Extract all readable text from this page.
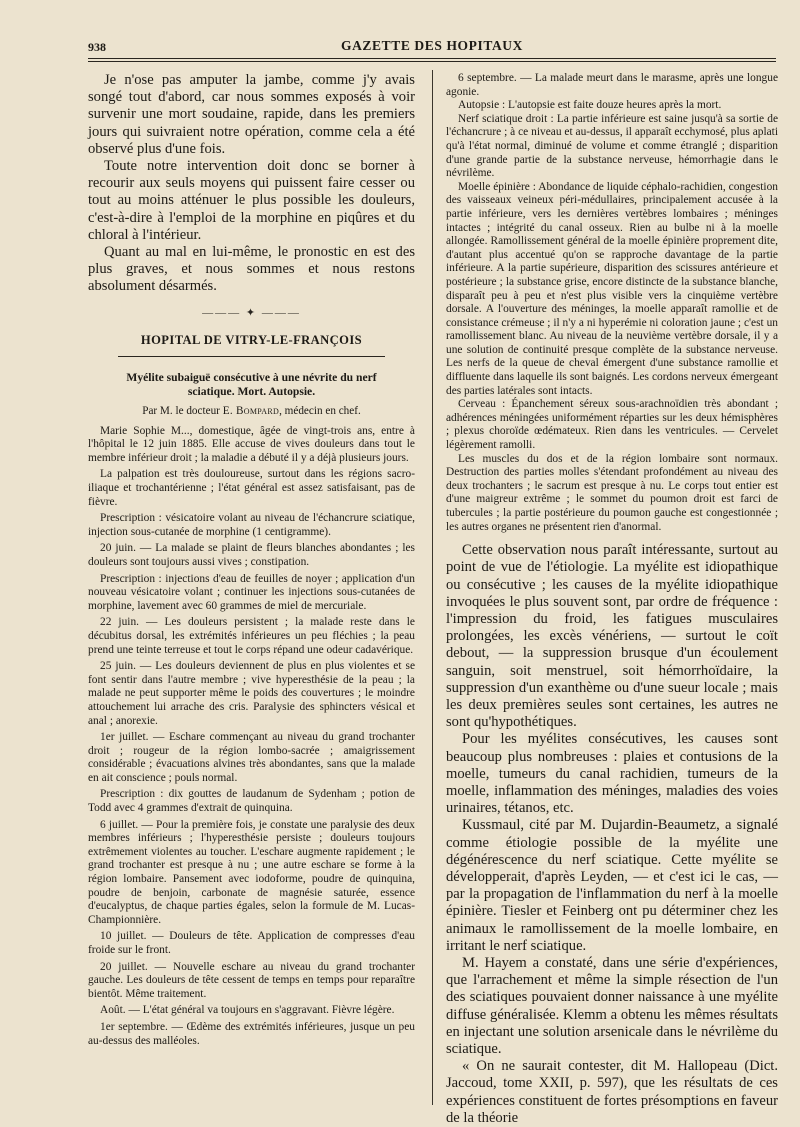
938	GAZETTE DES HOPITAUX

Je n'ose pas amputer la jambe, comme j'y avais songé tout d'abord, car nous sommes exposés à voir survenir une mort soudaine, rapide, dans les premiers jours qui suivraient notre opération, comme cela a été observé plus d'une fois.

Toute notre intervention doit donc se borner à recourir aux seuls moyens qui puissent faire cesser ou tout au moins atténuer le plus possible les douleurs, c'est-à-dire à l'emploi de la morphine en piqûres et du chloral à l'intérieur.

Quant au mal en lui-même, le pronostic en est des plus graves, et nous sommes et nous restons absolument désarmés.

——— ✦ ———
HOPITAL DE VITRY-LE-FRANÇOIS
Myélite subaiguë consécutive à une névrite du nerf sciatique. Mort. Autopsie.
Par M. le docteur E. Bompard, médecin en chef.

Marie Sophie M..., domestique, âgée de vingt-trois ans, entre à l'hôpital le 12 juin 1885. Elle accuse de vives douleurs dans tout le membre inférieur droit ; la maladie a débuté il y a déjà plusieurs jours.

La palpation est très douloureuse, surtout dans les régions sacro-iliaque et trochantérienne ; l'état général est assez satisfaisant, pas de fièvre.

Prescription : vésicatoire volant au niveau de l'échancrure sciatique, injection sous-cutanée de morphine (1 centigramme).

20 juin. — La malade se plaint de fleurs blanches abondantes ; les douleurs sont toujours aussi vives ; constipation.

Prescription : injections d'eau de feuilles de noyer ; application d'un nouveau vésicatoire volant ; continuer les injections sous-cutanées de morphine, lavement avec 60 grammes de miel de mercuriale.

22 juin. — Les douleurs persistent ; la malade reste dans le décubitus dorsal, les extrémités inférieures un peu fléchies ; la peau prend une teinte terreuse et tout le corps répand une odeur cadavérique.

25 juin. — Les douleurs deviennent de plus en plus violentes et se font sentir dans l'autre membre ; vive hyperesthésie de la peau ; la malade ne peut supporter même le poids des couvertures ; le moindre attouchement lui arrache des cris. Paralysie des sphincters vésical et anal ; anorexie.

1er juillet. — Eschare commençant au niveau du grand trochanter droit ; rougeur de la région lombo-sacrée ; amaigrissement considérable ; évacuations alvines très abondantes, sans que la malade en ait conscience ; pouls normal.

Prescription : dix gouttes de laudanum de Sydenham ; potion de Todd avec 4 grammes d'extrait de quinquina.

6 juillet. — Pour la première fois, je constate une paralysie des deux membres inférieurs ; l'hyperesthésie persiste ; douleurs toujours extrêmement violentes au toucher. L'eschare augmente rapidement ; le grand trochanter est presque à nu ; une autre eschare se forme à la région lombaire. Pansement avec iodoforme, poudre de quinquina, poudre de benjoin, carbonate de magnésie saturée, essence d'eucalyptus, de chaque parties égales, selon la formule de M. Lucas-Championnière.

10 juillet. — Douleurs de tête. Application de compresses d'eau froide sur le front.

20 juillet. — Nouvelle eschare au niveau du grand trochanter gauche. Les douleurs de tête cessent de temps en temps pour reparaître bientôt. Même traitement.

Août. — L'état général va toujours en s'aggravant. Fièvre légère.

1er septembre. — Œdème des extrémités inférieures, jusque un peu au-dessus des malléoles.

6 septembre. — La malade meurt dans le marasme, après une longue agonie.

Autopsie : L'autopsie est faite douze heures après la mort.

Nerf sciatique droit : La partie inférieure est saine jusqu'à sa sortie de l'échancrure ; à ce niveau et au-dessus, il apparaît ecchymosé, plus aplati qu'à l'état normal, diminué de volume et comme étranglé ; disparition d'une grande partie de la substance nerveuse, hémorrhagie dans le névrilème.

Moelle épinière : Abondance de liquide céphalo-rachidien, congestion des vaisseaux veineux péri-médullaires, principalement accusée à la partie inférieure, vers les dernières vertèbres lombaires ; méninges intactes ; intégrité du canal osseux. Rien au bulbe ni à la moelle allongée. Ramollissement général de la moelle épinière proprement dite, d'autant plus accentué qu'on se rapproche davantage de la partie inférieure. A la partie supérieure, disparition des scissures antérieure et postérieure ; la substance grise, encore distincte de la substance blanche, disparaît peu à peu et n'est plus visible vers la cinquième vertèbre dorsale. A l'ouverture des méninges, la moelle apparaît ramollie et de consistance crémeuse ; il n'y a ni hyperémie ni coloration jaune ; c'est un ramollissement blanc. Au niveau de la neuvième vertèbre dorsale, il y a une solution de continuité presque complète de la substance nerveuse. Les nerfs de la queue de cheval émergent d'une substance ramollie et diffluente dans laquelle ils sont baignés. Les cordons nerveux émergeant des parties latérales sont intacts.

Cerveau : Épanchement séreux sous-arachnoïdien très abondant ; adhérences méningées uniformément réparties sur les deux hémisphères ; plexus choroïde œdémateux. Rien dans les ventricules. — Cervelet légèrement ramolli.

Les muscles du dos et de la région lombaire sont normaux. Destruction des parties molles s'étendant profondément au niveau des deux trochanters ; le sacrum est presque à nu. Le corps tout entier est d'une maigreur extrême ; le sommet du poumon droit est farci de tubercules ; la partie postérieure du poumon gauche est congestionnée ; les autres organes ne présentent rien d'anormal.

Cette observation nous paraît intéressante, surtout au point de vue de l'étiologie. La myélite est idiopathique ou consécutive ; les causes de la myélite idiopathique invoquées le plus souvent sont, par ordre de fréquence : l'impression du froid, les fatigues musculaires prolongées, les excès vénériens, — surtout le coït debout, — la suppression brusque d'un écoulement sanguin, soit menstruel, soit hémorrhoïdaire, la suppression d'un exanthème ou d'une sueur locale ; mais les deux premières seules sont certaines, les autres ne sont qu'hypothétiques.

Pour les myélites consécutives, les causes sont beaucoup plus nombreuses : plaies et contusions de la moelle, tumeurs du canal rachidien, tumeurs de la moelle, inflammation des méninges, maladies des voies urinaires, tétanos, etc.

Kussmaul, cité par M. Dujardin-Beaumetz, a signalé comme étiologie possible de la myélite une dégénérescence du nerf sciatique. Cette myélite se développerait, d'après Leyden, — et c'est ici le cas, — par la propagation de l'inflammation du nerf à la moelle épinière. Tiesler et Feinberg ont pu déterminer chez les animaux le ramollissement de la moelle lombaire, en irritant le nerf sciatique.

M. Hayem a constaté, dans une série d'expériences, que l'arrachement et même la simple résection de l'un des sciatiques pouvaient donner naissance à une myélite diffuse généralisée. Klemm a obtenu les mêmes résultats en injectant une solution arsenicale dans le névrilème du sciatique.

« On ne saurait contester, dit M. Hallopeau (Dict. Jaccoud, tome XXII, p. 597), que les résultats de ces expériences constituent de fortes présomptions en faveur de la théorie
